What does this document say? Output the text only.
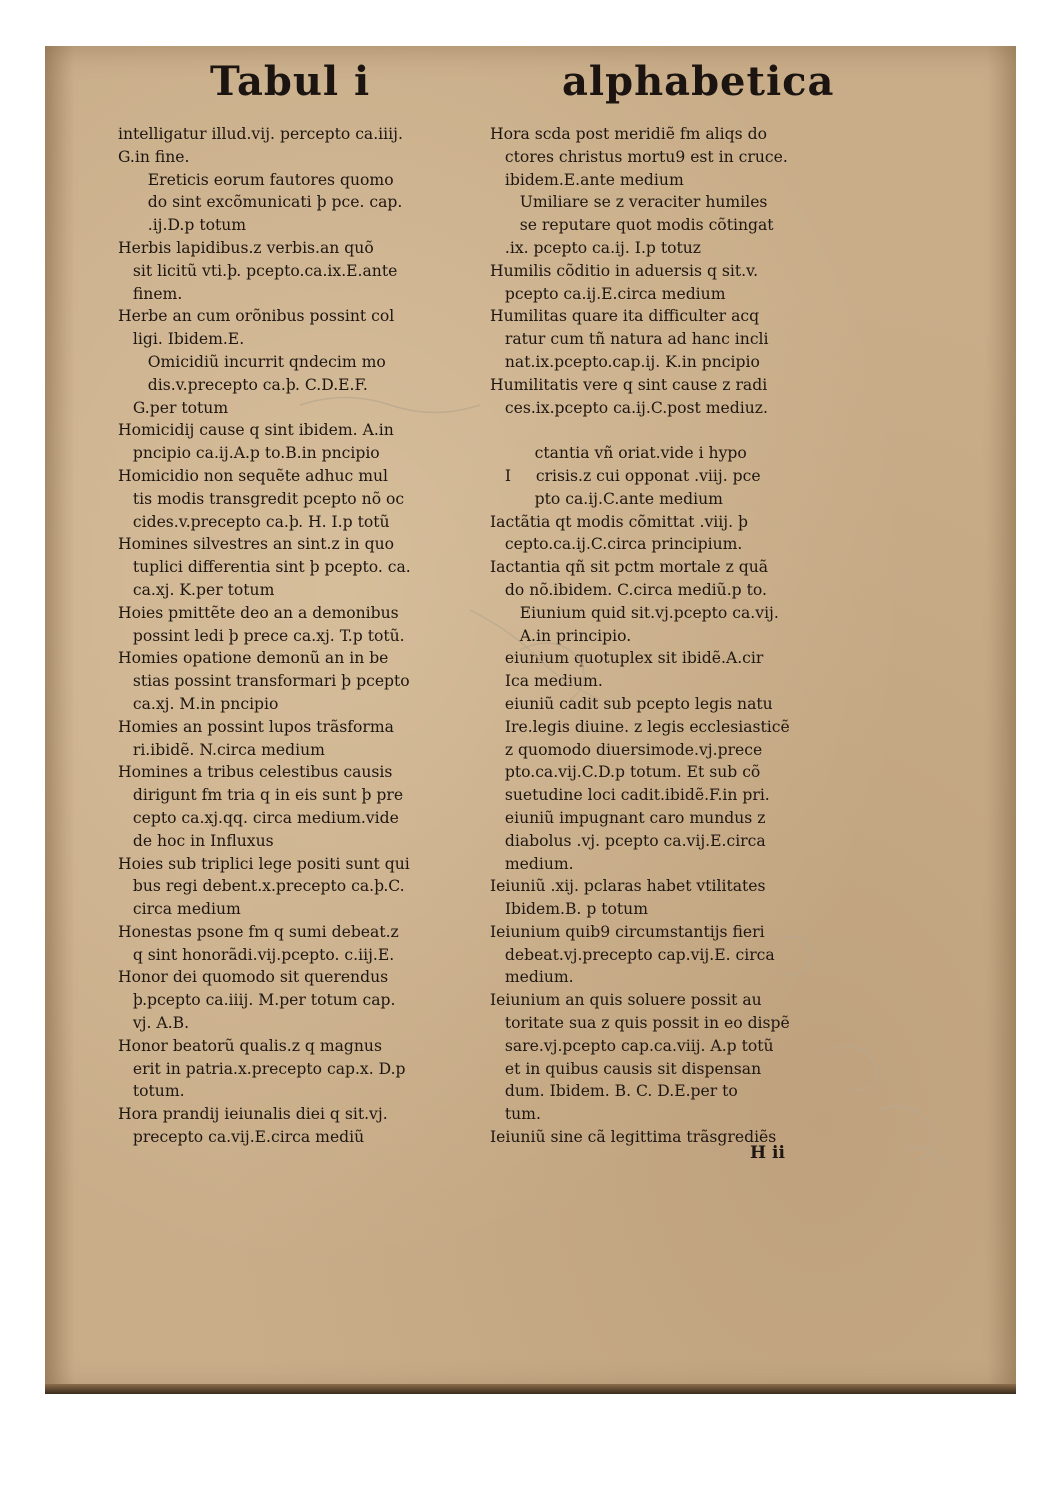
Tabul i	alphabetica
intelligatur illud.vij. percepto ca.iiij.
G.in fine.
Ereticis eorum fautores quomo
do sint excõmunicati þ pce. cap.
.ij.D.p totum
Herbis lapidibus.z verbis.an quõ
sit licitũ vti.þ. pcepto.ca.ix.E.ante
finem.
Herbe an cum orõnibus possint col
ligi. Ibidem.E.
Omicidiũ incurrit qndecim mo
dis.v.precepto ca.þ. C.D.E.F.
G.per totum
Homicidij cause q sint ibidem. A.in
pncipio ca.ij.A.p to.B.in pncipio
Homicidio non sequẽte adhuc mul
tis modis transgredit pcepto nõ oc
cides.v.precepto ca.þ. H. I.p totũ
Homines silvestres an sint.z in quo
tuplici differentia sint þ pcepto. ca.
ca.xj. K.per totum
Hoies pmittẽte deo an a demonibus
possint ledi þ prece ca.xj. T.p totũ.
Homies opatione demonũ an in be
stias possint transformari þ pcepto
ca.xj. M.in pncipio
Homies an possint lupos trãsforma
ri.ibidẽ. N.circa medium
Homines a tribus celestibus causis
dirigunt fm tria q in eis sunt þ pre
cepto ca.xj.qq. circa medium.vide
de hoc in Influxus
Hoies sub triplici lege positi sunt qui
bus regi debent.x.precepto ca.þ.C.
circa medium
Honestas psone fm q sumi debeat.z
q sint honorãdi.vij.pcepto. c.iij.E.
Honor dei quomodo sit querendus
þ.pcepto ca.iiij. M.per totum cap.
vj. A.B.
Honor beatorũ qualis.z q magnus
erit in patria.x.precepto cap.x. D.p
totum.
Hora prandij ieiunalis diei q sit.vj.
precepto ca.vij.E.circa mediũ
Hora scda post meridiẽ fm aliqs do
ctores christus mortu9 est in cruce.
ibidem.E.ante medium
Umiliare se z veraciter humiles
se reputare quot modis cõtingat
.ix. pcepto ca.ij. I.p totuz
Humilis cõditio in aduersis q sit.v.
pcepto ca.ij.E.circa medium
Humilitas quare ita difficulter acq
ratur cum tñ natura ad hanc incli
nat.ix.pcepto.cap.ij. K.in pncipio
Humilitatis vere q sint cause z radi
ces.ix.pcepto ca.ij.C.post mediuz.
ctantia vñ oriat.vide i hypo
I     crisis.z cui opponat .viij. pce
pto ca.ij.C.ante medium
Iactãtia qt modis cõmittat .viij. þ
cepto.ca.ij.C.circa principium.
Iactantia qñ sit pctm mortale z quã
do nõ.ibidem. C.circa mediũ.p to.
Eiunium quid sit.vj.pcepto ca.vij.
A.in principio.
eiunium quotuplex sit ibidẽ.A.cir
Ica medium.
eiuniũ cadit sub pcepto legis natu
Ire.legis diuine. z legis ecclesiasticẽ
z quomodo diuersimode.vj.prece
pto.ca.vij.C.D.p totum. Et sub cõ
suetudine loci cadit.ibidẽ.F.in pri.
eiuniũ impugnant caro mundus z
diabolus .vj. pcepto ca.vij.E.circa
medium.
Ieiuniũ .xij. pclaras habet vtilitates
Ibidem.B. p totum
Ieiunium quib9 circumstantijs fieri
debeat.vj.precepto cap.vij.E. circa
medium.
Ieiunium an quis soluere possit au
toritate sua z quis possit in eo dispẽ
sare.vj.pcepto cap.ca.viij. A.p totũ
et in quibus causis sit dispensan
dum. Ibidem. B. C. D.E.per to
tum.
Ieiuniũ sine cã legittima trãsgrediẽs
H ii
